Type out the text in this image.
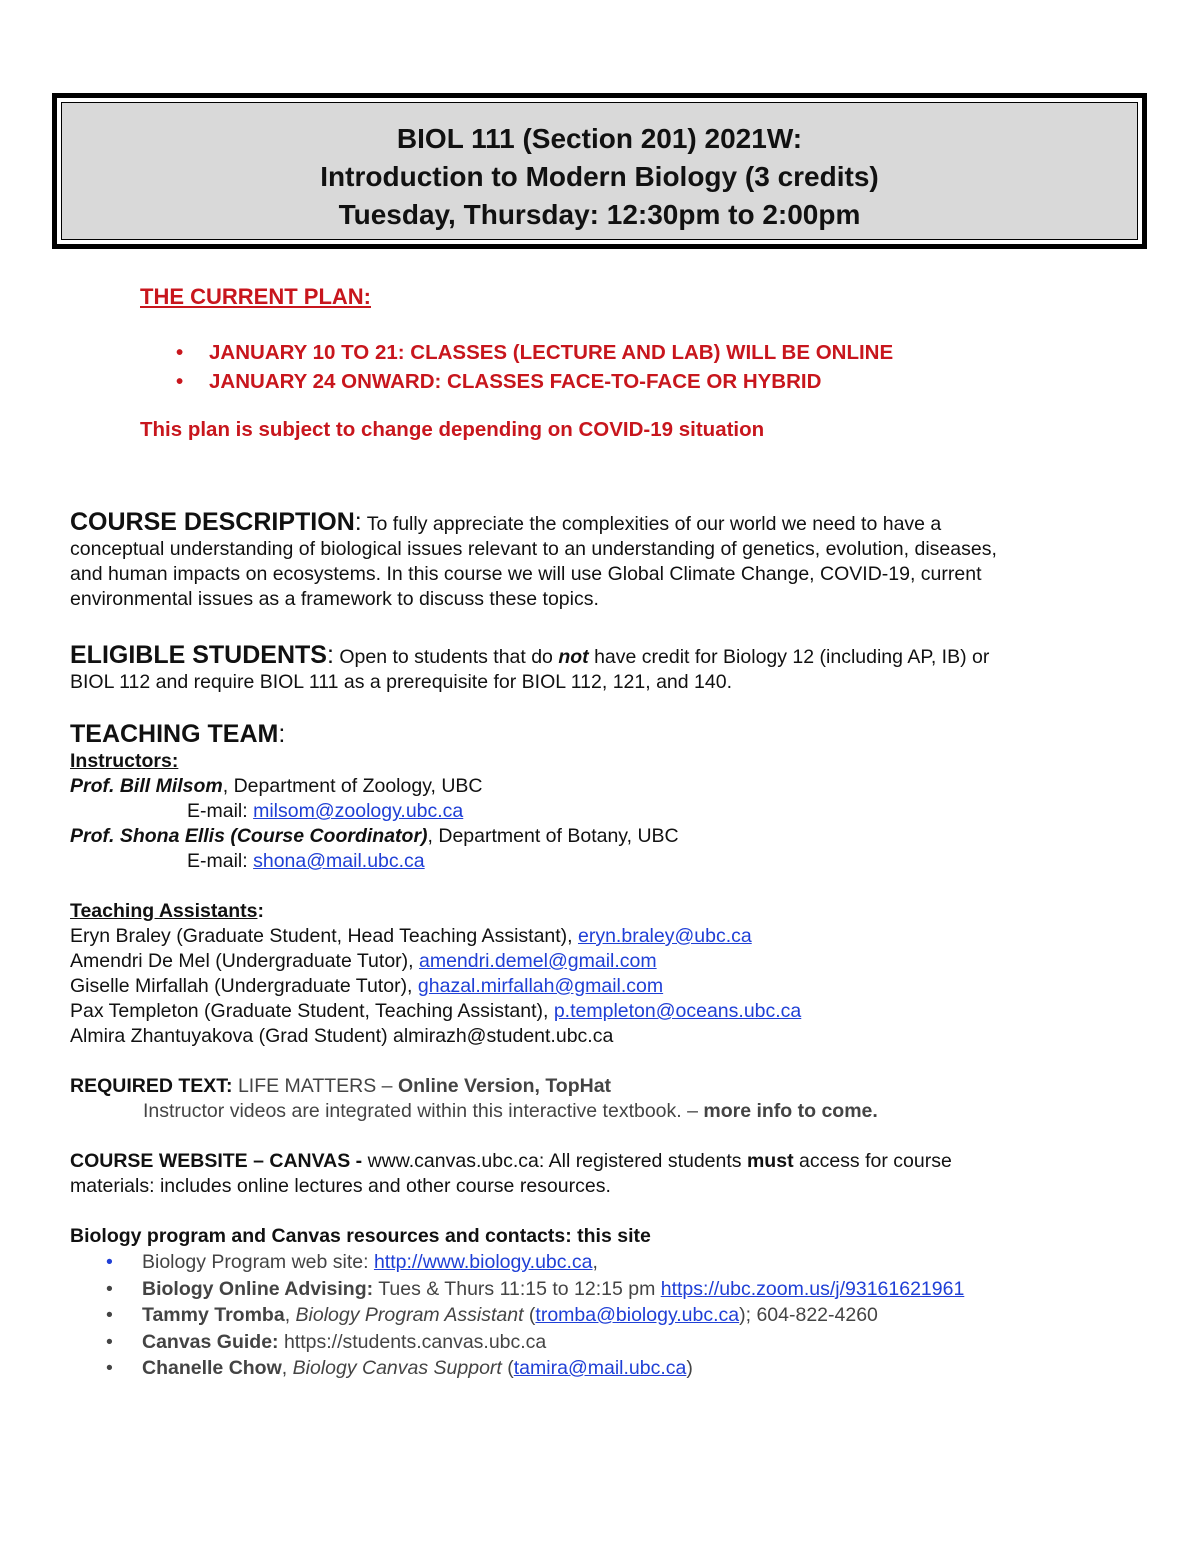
BIOL 111 (Section 201) 2021W:
Introduction to Modern Biology (3 credits)
Tuesday, Thursday: 12:30pm to 2:00pm
THE CURRENT PLAN:
• JANUARY 10 TO 21: CLASSES (LECTURE AND LAB) WILL BE ONLINE
• JANUARY 24 ONWARD: CLASSES FACE-TO-FACE OR HYBRID
This plan is subject to change depending on COVID-19 situation
COURSE DESCRIPTION: To fully appreciate the complexities of our world we need to have a
conceptual understanding of biological issues relevant to an understanding of genetics, evolution, diseases,
and human impacts on ecosystems. In this course we will use Global Climate Change, COVID-19, current
environmental issues as a framework to discuss these topics.
ELIGIBLE STUDENTS: Open to students that do not have credit for Biology 12 (including AP, IB) or
BIOL 112 and require BIOL 111 as a prerequisite for BIOL 112, 121, and 140.
TEACHING TEAM:
Instructors:
Prof. Bill Milsom, Department of Zoology, UBC
E-mail: milsom@zoology.ubc.ca
Prof. Shona Ellis (Course Coordinator), Department of Botany, UBC
E-mail: shona@mail.ubc.ca
Teaching Assistants:
Eryn Braley (Graduate Student, Head Teaching Assistant), eryn.braley@ubc.ca
Amendri De Mel (Undergraduate Tutor), amendri.demel@gmail.com
Giselle Mirfallah (Undergraduate Tutor), ghazal.mirfallah@gmail.com
Pax Templeton (Graduate Student, Teaching Assistant), p.templeton@oceans.ubc.ca
Almira Zhantuyakova (Grad Student) almirazh@student.ubc.ca
REQUIRED TEXT: LIFE MATTERS – Online Version, TopHat
Instructor videos are integrated within this interactive textbook. – more info to come.
COURSE WEBSITE – CANVAS - www.canvas.ubc.ca: All registered students must access for course
materials: includes online lectures and other course resources.
Biology program and Canvas resources and contacts: this site
• Biology Program web site: http://www.biology.ubc.ca,
• Biology Online Advising: Tues & Thurs 11:15 to 12:15 pm https://ubc.zoom.us/j/93161621961
• Tammy Tromba, Biology Program Assistant (tromba@biology.ubc.ca); 604-822-4260
• Canvas Guide: https://students.canvas.ubc.ca
• Chanelle Chow, Biology Canvas Support (tamira@mail.ubc.ca)
